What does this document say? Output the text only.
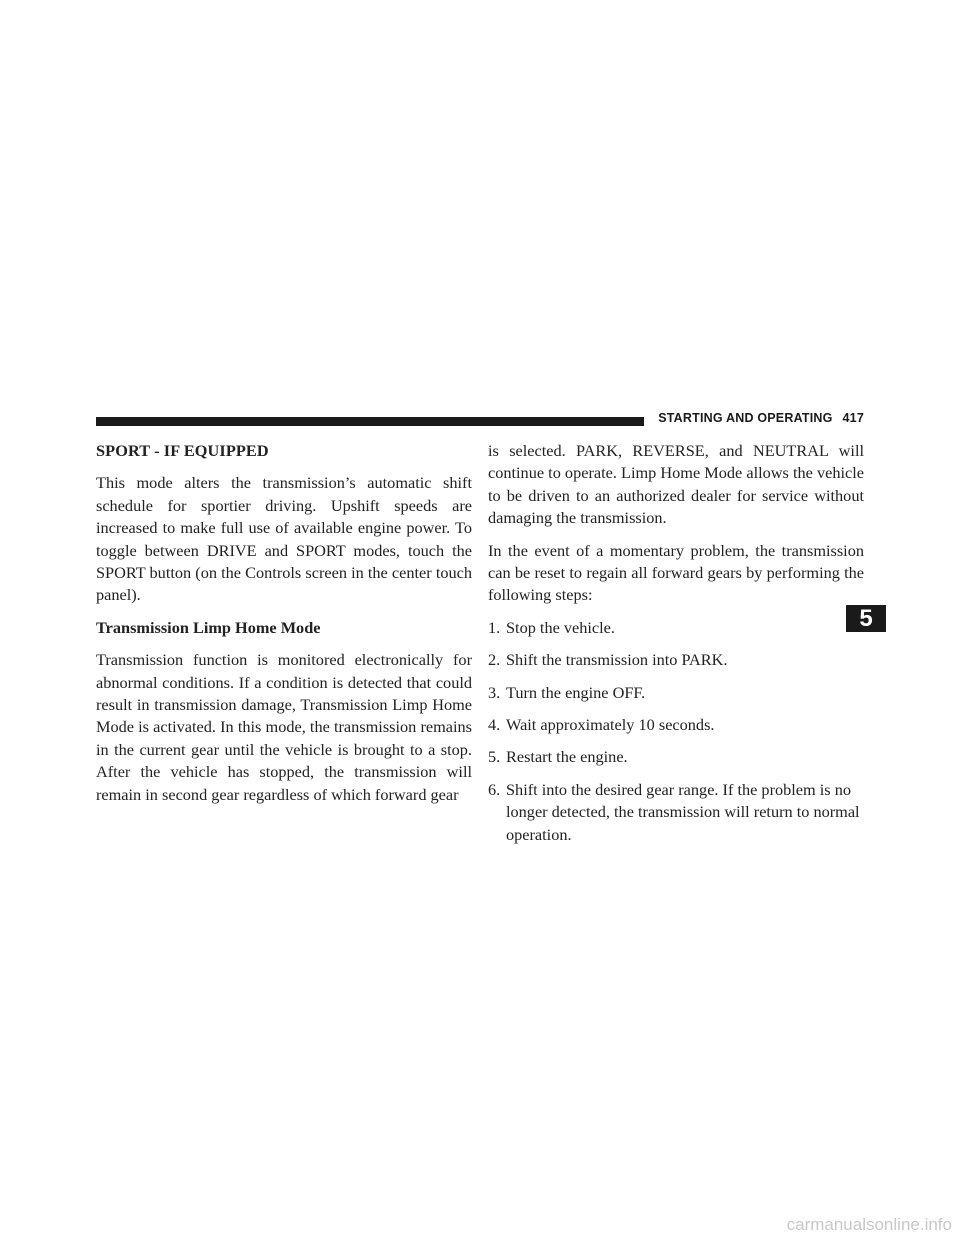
STARTING AND OPERATING 417
SPORT - IF EQUIPPED

This mode alters the transmission’s automatic shift schedule for sportier driving. Upshift speeds are increased to make full use of available engine power. To toggle between DRIVE and SPORT modes, touch the SPORT button (on the Controls screen in the center touch panel).

Transmission Limp Home Mode

Transmission function is monitored electronically for abnormal conditions. If a condition is detected that could result in transmission damage, Transmission Limp Home Mode is activated. In this mode, the transmission remains in the current gear until the vehicle is brought to a stop. After the vehicle has stopped, the transmission will remain in second gear regardless of which forward gear

is selected. PARK, REVERSE, and NEUTRAL will continue to operate. Limp Home Mode allows the vehicle to be driven to an authorized dealer for service without damaging the transmission.

In the event of a momentary problem, the transmission can be reset to regain all forward gears by performing the following steps:

1. Stop the vehicle.
2. Shift the transmission into PARK.
3. Turn the engine OFF.
4. Wait approximately 10 seconds.
5. Restart the engine.
6. Shift into the desired gear range. If the problem is no longer detected, the transmission will return to normal operation.
5
carmanualsonline.info
